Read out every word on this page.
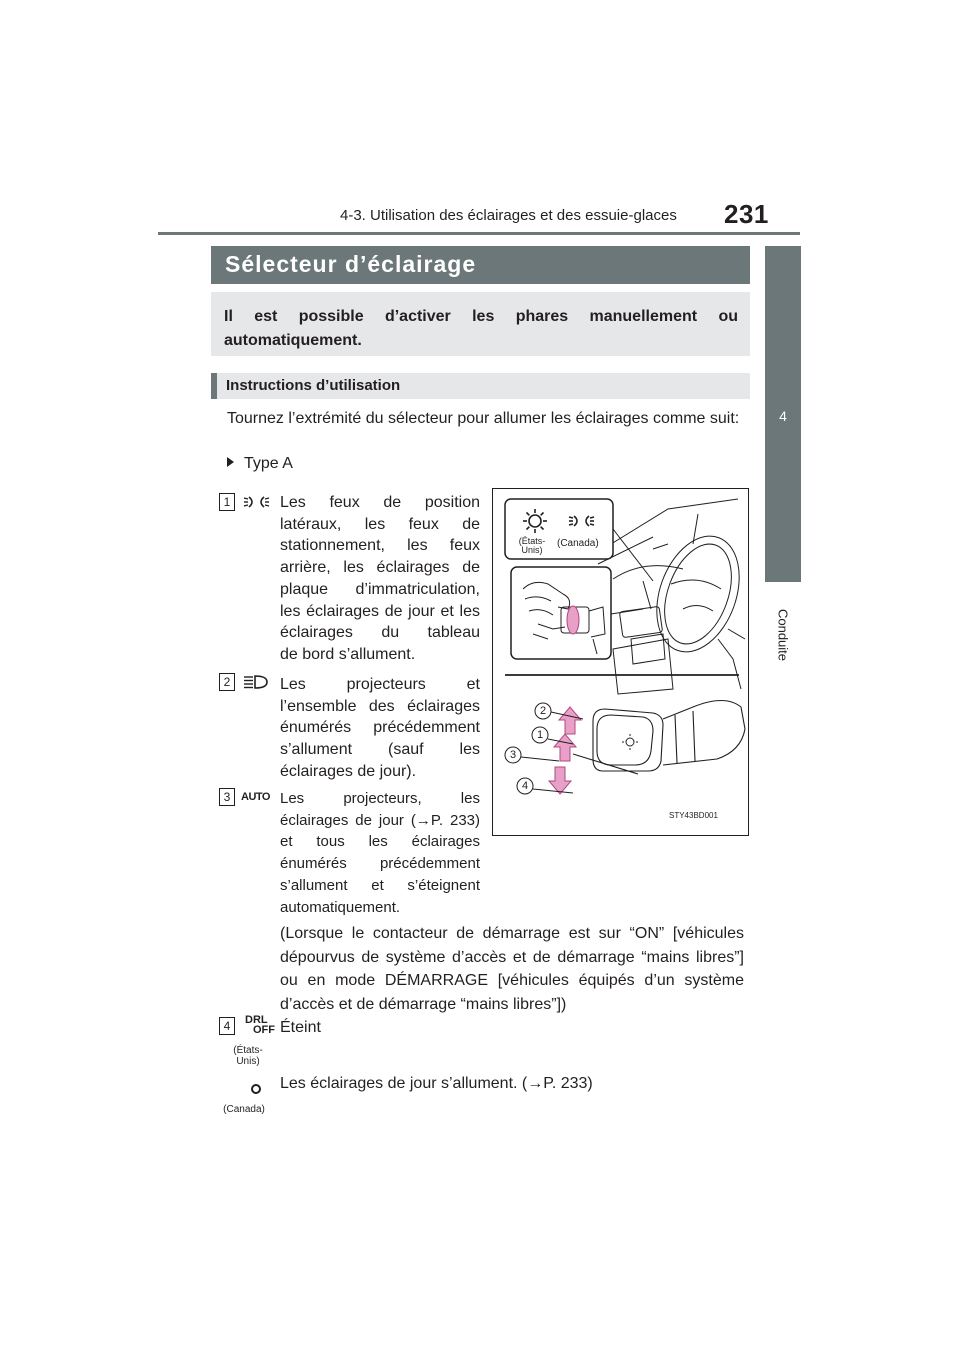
4-3. Utilisation des éclairages et des essuie-glaces 231
4
Conduite
Sélecteur d’éclairage

Il est possible d’activer les phares manuellement ou automatiquement.

Instructions d’utilisation
Tournez l’extrémité du sélecteur pour allumer les éclairages comme suit:
Type A
1	Les feux de position latéraux, les feux de stationnement, les feux arrière, les éclairages de plaque d’immatriculation, les éclairages de jour et les éclairages du tableau
de bord s’allument.
2	Les projecteurs et l’ensemble des éclairages énumérés précédemment s’allument (sauf les
éclairages de jour).
3 AUTO Les projecteurs, les éclairages de jour (→P. 233) et tous les éclairages énumérés précédemment s’allument et s’éteignent
automatiquement.
(Lorsque le contacteur de démarrage est sur “ON” [véhicules dépourvus de système d’accès et de démarrage “mains libres”] ou en mode DÉMARRAGE [véhicules équipés d’un système d’accès et de démarrage “mains libres”])
4	DRL
OFF
(États-Unis)
Éteint
(Canada)
Les éclairages de jour s’allument. (→P. 233)
(États-Unis)
(Canada)
2
1
3
4
STY43BD001
